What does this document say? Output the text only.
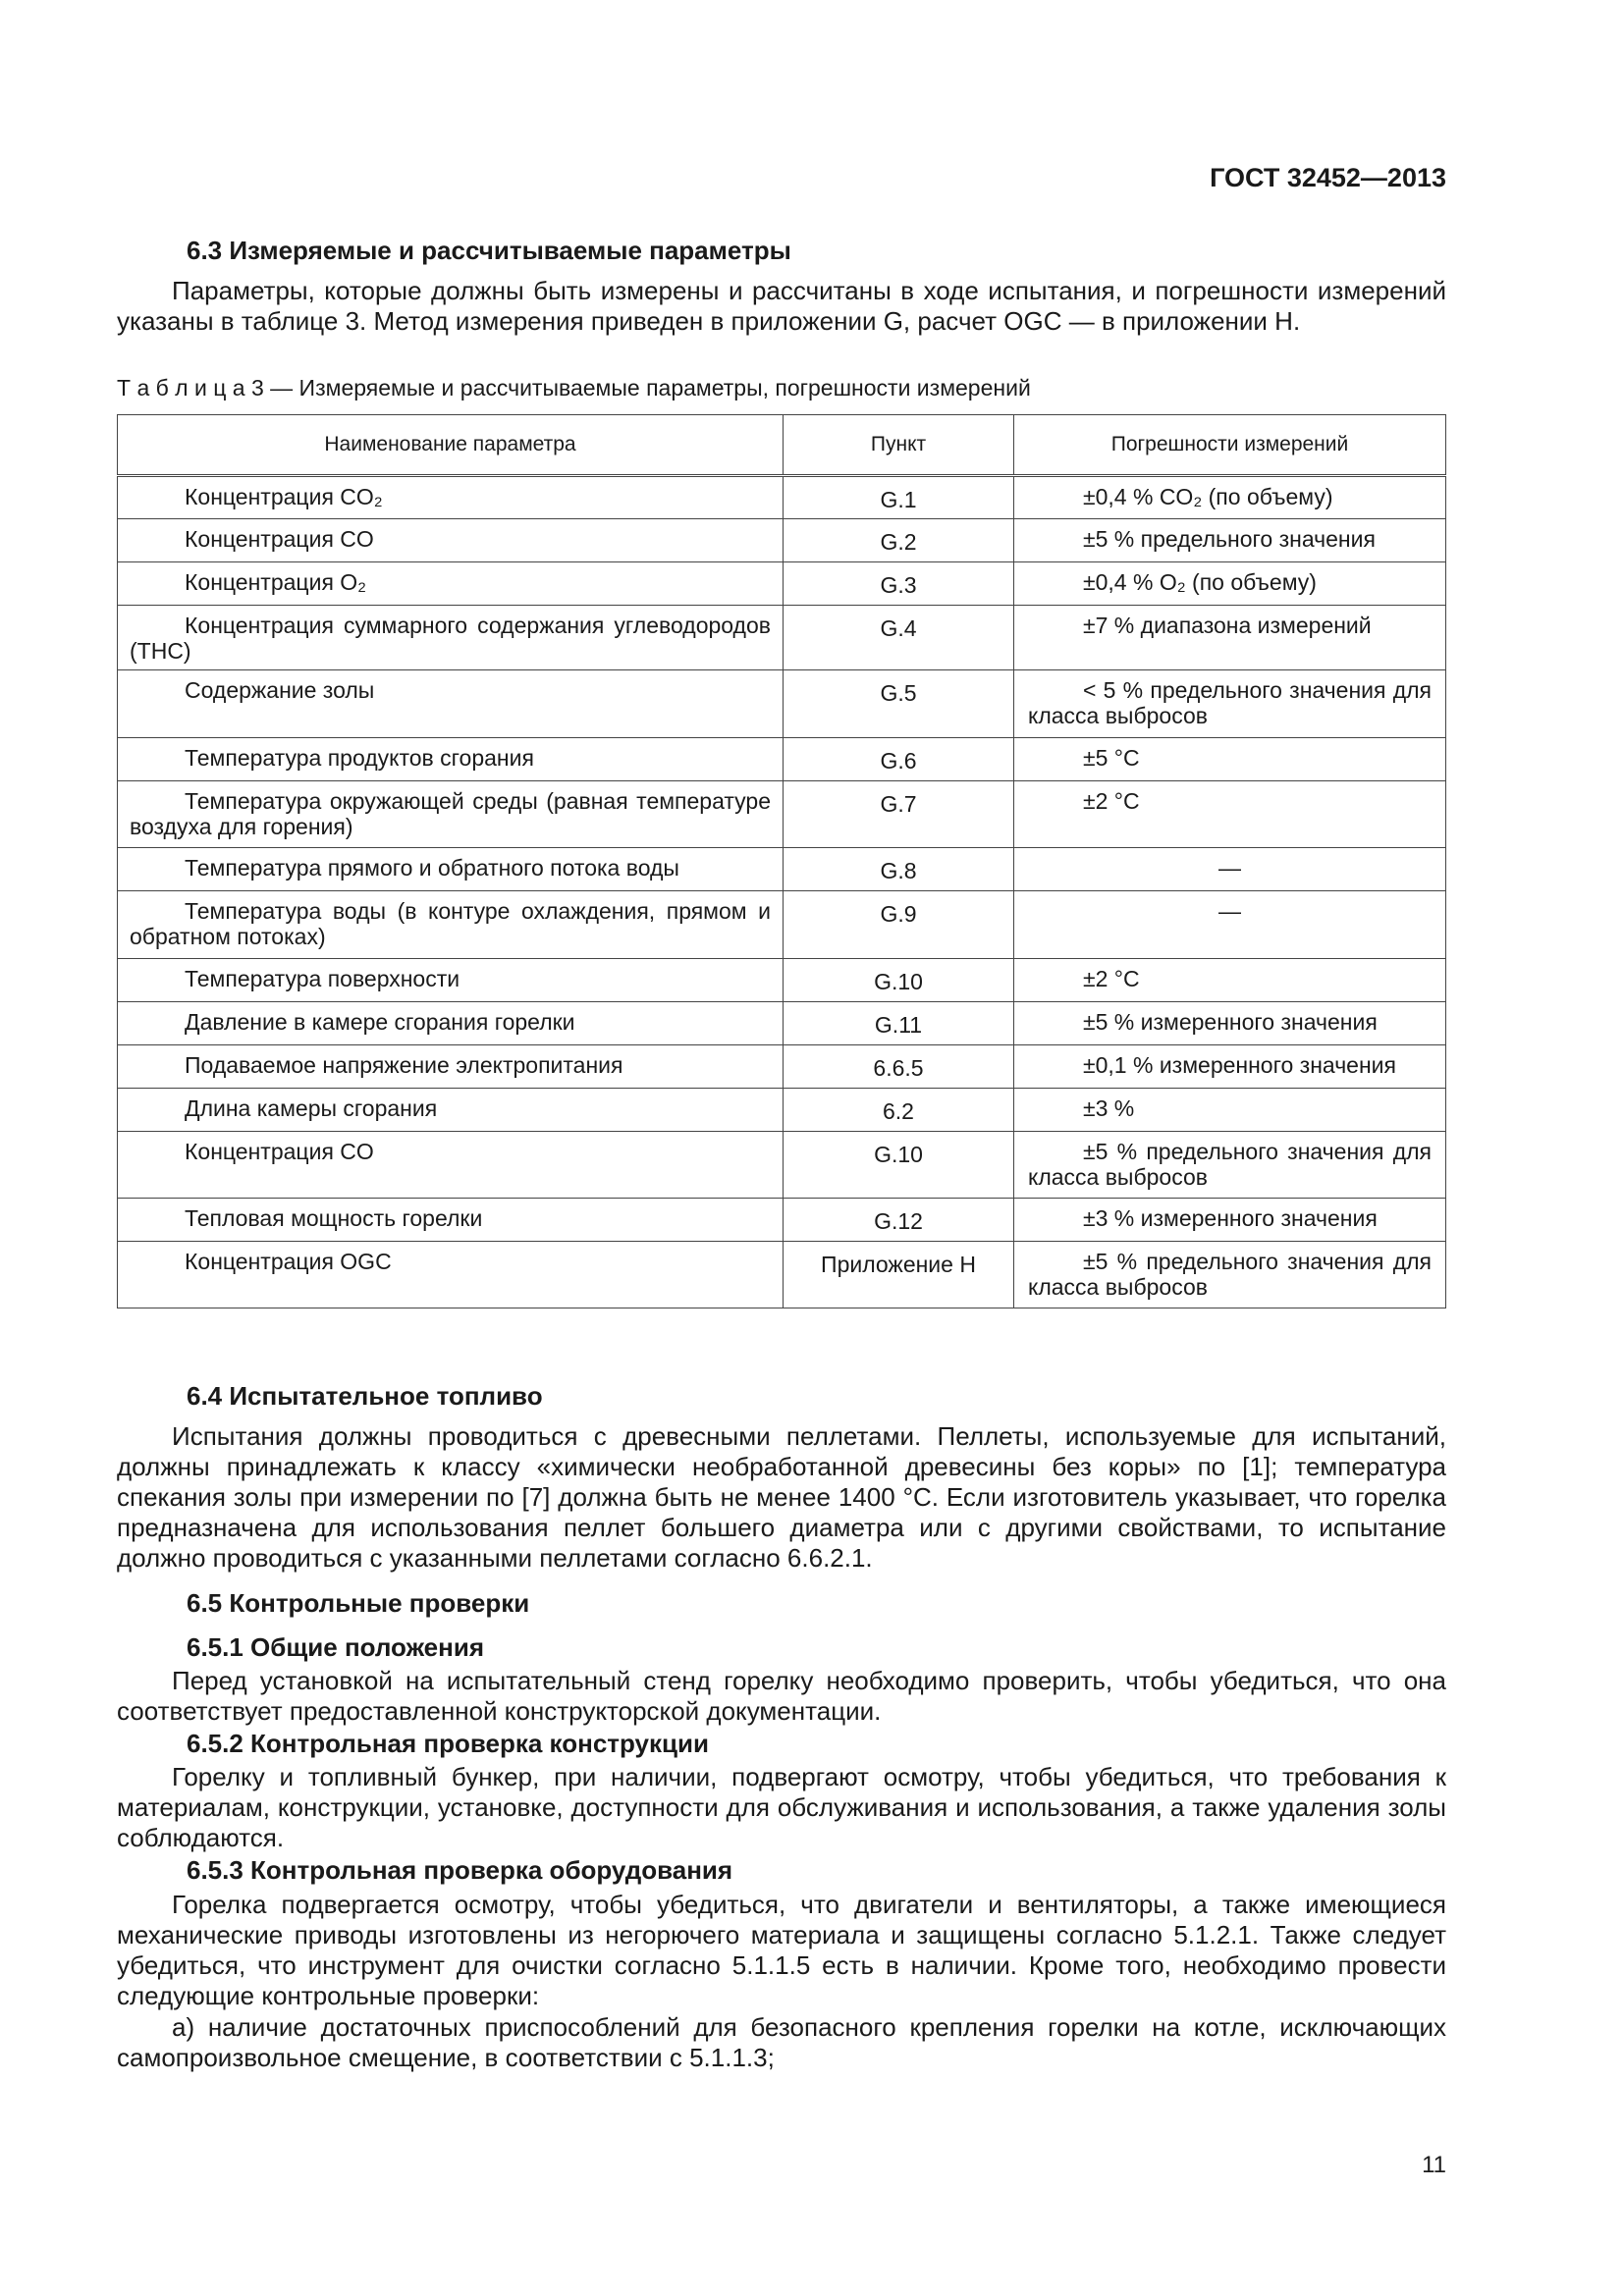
ГОСТ 32452—2013
6.3 Измеряемые и рассчитываемые параметры
Параметры, которые должны быть измерены и рассчитаны в ходе испытания, и погрешности измерений указаны в таблице 3. Метод измерения приведен в приложении G, расчет OGC — в приложении H.
Т а б л и ц а 3 — Измеряемые и рассчитываемые параметры, погрешности измерений
Наименование параметра	Пункт	Погрешности измерений
Концентрация CO₂	G.1	±0,4 % CO₂ (по объему)
Концентрация CO	G.2	±5 % предельного значения
Концентрация O₂	G.3	±0,4 % O₂ (по объему)
Концентрация суммарного содержания углеводородов (THC)	G.4	±7 % диапазона измерений
Содержание золы	G.5	< 5 % предельного значения для класса выбросов
Температура продуктов сгорания	G.6	±5 °С
Температура окружающей среды (равная температуре воздуха для горения)	G.7	±2 °С
Температура прямого и обратного потока воды	G.8	—
Температура воды (в контуре охлаждения, прямом и обратном потоках)	G.9	—
Температура поверхности	G.10	±2 °С
Давление в камере сгорания горелки	G.11	±5 % измеренного значения
Подаваемое напряжение электропитания	6.6.5	±0,1 % измеренного значения
Длина камеры сгорания	6.2	±3 %
Концентрация CO	G.10	±5 % предельного значения для класса выбросов
Тепловая мощность горелки	G.12	±3 % измеренного значения
Концентрация OGC	Приложение H	±5 % предельного значения для класса выбросов
6.4 Испытательное топливо
Испытания должны проводиться с древесными пеллетами. Пеллеты, используемые для испытаний, должны принадлежать к классу «химически необработанной древесины без коры» по [1]; температура спекания золы при измерении по [7] должна быть не менее 1400 °С. Если изготовитель указывает, что горелка предназначена для использования пеллет большего диаметра или с другими свойствами, то испытание должно проводиться с указанными пеллетами согласно 6.6.2.1.
6.5 Контрольные проверки
6.5.1 Общие положения
Перед установкой на испытательный стенд горелку необходимо проверить, чтобы убедиться, что она соответствует предоставленной конструкторской документации.
6.5.2 Контрольная проверка конструкции
Горелку и топливный бункер, при наличии, подвергают осмотру, чтобы убедиться, что требования к материалам, конструкции, установке, доступности для обслуживания и использования, а также удаления золы соблюдаются.
6.5.3 Контрольная проверка оборудования
Горелка подвергается осмотру, чтобы убедиться, что двигатели и вентиляторы, а также имеющиеся механические приводы изготовлены из негорючего материала и защищены согласно 5.1.2.1. Также следует убедиться, что инструмент для очистки согласно 5.1.1.5 есть в наличии. Кроме того, необходимо провести следующие контрольные проверки:
а) наличие достаточных приспособлений для безопасного крепления горелки на котле, исключающих самопроизвольное смещение, в соответствии с 5.1.1.3;
11
